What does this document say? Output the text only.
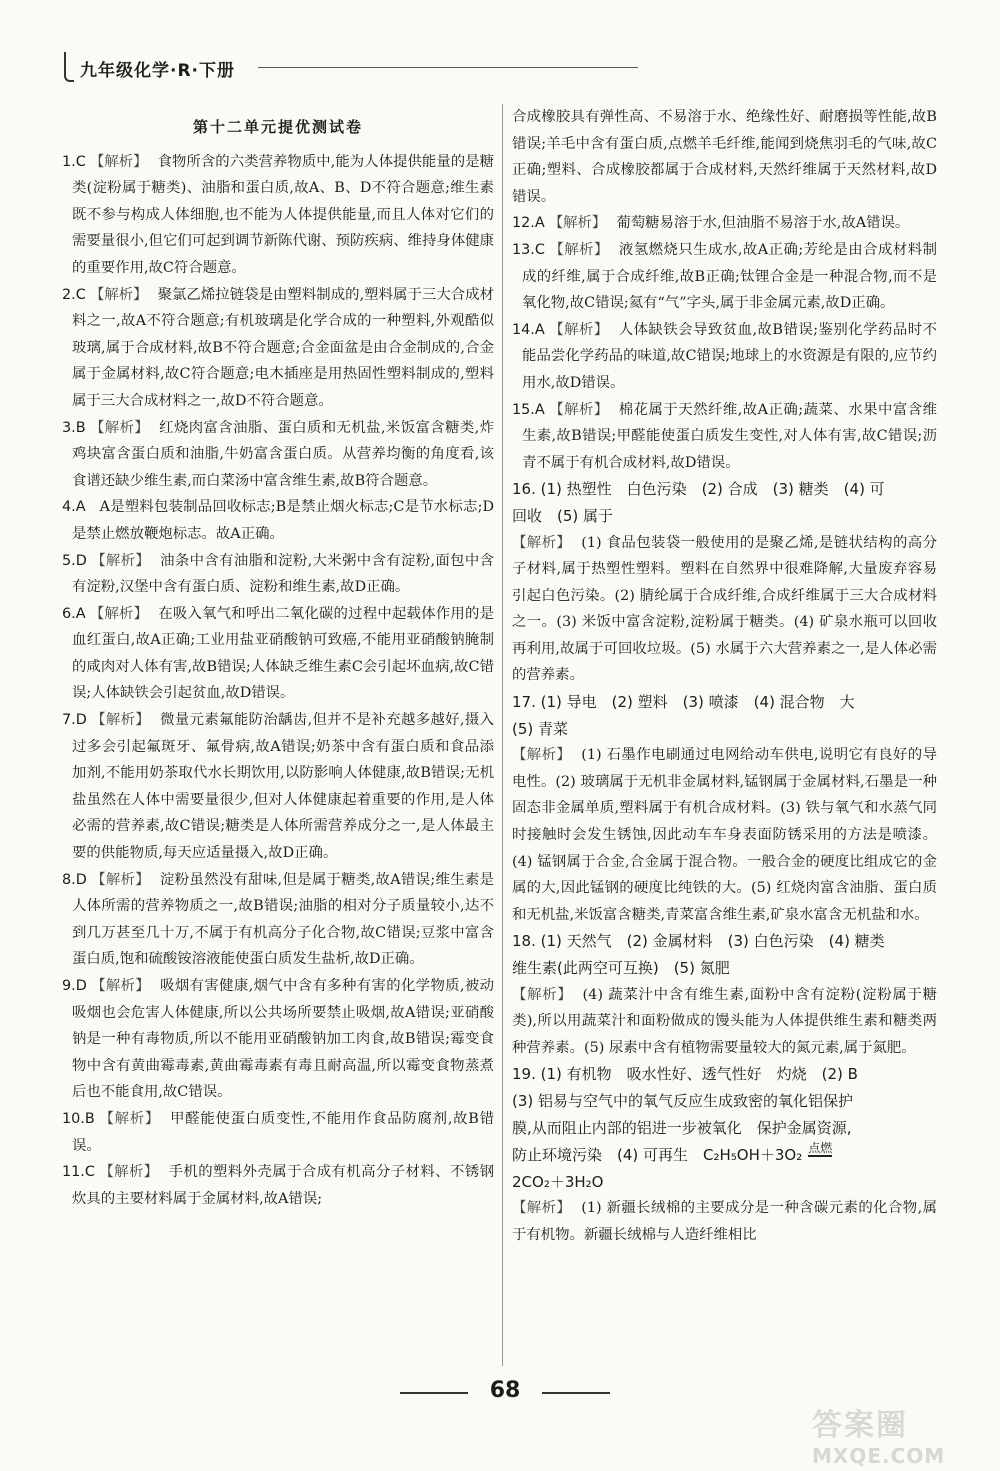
九年级化学·R·下册
第十二单元提优测试卷

1.C 【解析】 食物所含的六类营养物质中,能为人体提供能量的是糖类(淀粉属于糖类)、油脂和蛋白质,故A、B、D不符合题意;维生素既不参与构成人体细胞,也不能为人体提供能量,而且人体对它们的需要量很小,但它们可起到调节新陈代谢、预防疾病、维持身体健康的重要作用,故C符合题意。

2.C 【解析】 聚氯乙烯拉链袋是由塑料制成的,塑料属于三大合成材料之一,故A不符合题意;有机玻璃是化学合成的一种塑料,外观酷似玻璃,属于合成材料,故B不符合题意;合金面盆是由合金制成的,合金属于金属材料,故C符合题意;电木插座是用热固性塑料制成的,塑料属于三大合成材料之一,故D不符合题意。

3.B 【解析】 红烧肉富含油脂、蛋白质和无机盐,米饭富含糖类,炸鸡块富含蛋白质和油脂,牛奶富含蛋白质。从营养均衡的角度看,该食谱还缺少维生素,而白菜汤中富含维生素,故B符合题意。

4.A A是塑料包装制品回收标志;B是禁止烟火标志;C是节水标志;D是禁止燃放鞭炮标志。故A正确。

5.D 【解析】 油条中含有油脂和淀粉,大米粥中含有淀粉,面包中含有淀粉,汉堡中含有蛋白质、淀粉和维生素,故D正确。

6.A 【解析】 在吸入氧气和呼出二氧化碳的过程中起载体作用的是血红蛋白,故A正确;工业用盐亚硝酸钠可致癌,不能用亚硝酸钠腌制的咸肉对人体有害,故B错误;人体缺乏维生素C会引起坏血病,故C错误;人体缺铁会引起贫血,故D错误。

7.D 【解析】 微量元素氟能防治龋齿,但并不是补充越多越好,摄入过多会引起氟斑牙、氟骨病,故A错误;奶茶中含有蛋白质和食品添加剂,不能用奶茶取代水长期饮用,以防影响人体健康,故B错误;无机盐虽然在人体中需要量很少,但对人体健康起着重要的作用,是人体必需的营养素,故C错误;糖类是人体所需营养成分之一,是人体最主要的供能物质,每天应适量摄入,故D正确。

8.D 【解析】 淀粉虽然没有甜味,但是属于糖类,故A错误;维生素是人体所需的营养物质之一,故B错误;油脂的相对分子质量较小,达不到几万甚至几十万,不属于有机高分子化合物,故C错误;豆浆中富含蛋白质,饱和硫酸铵溶液能使蛋白质发生盐析,故D正确。

9.D 【解析】 吸烟有害健康,烟气中含有多种有害的化学物质,被动吸烟也会危害人体健康,所以公共场所要禁止吸烟,故A错误;亚硝酸钠是一种有毒物质,所以不能用亚硝酸钠加工肉食,故B错误;霉变食物中含有黄曲霉毒素,黄曲霉毒素有毒且耐高温,所以霉变食物蒸煮后也不能食用,故C错误。

10.B 【解析】 甲醛能使蛋白质变性,不能用作食品防腐剂,故B错误。

11.C 【解析】 手机的塑料外壳属于合成有机高分子材料、不锈钢炊具的主要材料属于金属材料,故A错误;

合成橡胶具有弹性高、不易溶于水、绝缘性好、耐磨损等性能,故B错误;羊毛中含有蛋白质,点燃羊毛纤维,能闻到烧焦羽毛的气味,故C正确;塑料、合成橡胶都属于合成材料,天然纤维属于天然材料,故D错误。

12.A 【解析】 葡萄糖易溶于水,但油脂不易溶于水,故A错误。

13.C 【解析】 液氢燃烧只生成水,故A正确;芳纶是由合成材料制成的纤维,属于合成纤维,故B正确;钛锂合金是一种混合物,而不是氧化物,故C错误;氦有“气”字头,属于非金属元素,故D正确。

14.A 【解析】 人体缺铁会导致贫血,故B错误;鉴别化学药品时不能品尝化学药品的味道,故C错误;地球上的水资源是有限的,应节约用水,故D错误。

15.A 【解析】 棉花属于天然纤维,故A正确;蔬菜、水果中富含维生素,故B错误;甲醛能使蛋白质发生变性,对人体有害,故C错误;沥青不属于有机合成材料,故D错误。

16. (1) 热塑性　白色污染　(2) 合成　(3) 糖类　(4) 可

回收　(5) 属于

【解析】 (1) 食品包装袋一般使用的是聚乙烯,是链状结构的高分子材料,属于热塑性塑料。塑料在自然界中很难降解,大量废弃容易引起白色污染。(2) 腈纶属于合成纤维,合成纤维属于三大合成材料之一。(3) 米饭中富含淀粉,淀粉属于糖类。(4) 矿泉水瓶可以回收再利用,故属于可回收垃圾。(5) 水属于六大营养素之一,是人体必需的营养素。

17. (1) 导电　(2) 塑料　(3) 喷漆　(4) 混合物　大

(5) 青菜

【解析】 (1) 石墨作电刷通过电网给动车供电,说明它有良好的导电性。(2) 玻璃属于无机非金属材料,锰钢属于金属材料,石墨是一种固态非金属单质,塑料属于有机合成材料。(3) 铁与氧气和水蒸气同时接触时会发生锈蚀,因此动车车身表面防锈采用的方法是喷漆。(4) 锰钢属于合金,合金属于混合物。一般合金的硬度比组成它的金属的大,因此锰钢的硬度比纯铁的大。(5) 红烧肉富含油脂、蛋白质和无机盐,米饭富含糖类,青菜富含维生素,矿泉水富含无机盐和水。

18. (1) 天然气　(2) 金属材料　(3) 白色污染　(4) 糖类

维生素(此两空可互换)　(5) 氮肥

【解析】 (4) 蔬菜汁中含有维生素,面粉中含有淀粉(淀粉属于糖类),所以用蔬菜汁和面粉做成的馒头能为人体提供维生素和糖类两种营养素。(5) 尿素中含有植物需要量较大的氮元素,属于氮肥。

19. (1) 有机物　吸水性好、透气性好　灼烧　(2) B

(3) 铝易与空气中的氧气反应生成致密的氧化铝保护

膜,从而阻止内部的铝进一步被氧化　保护金属资源,

防止环境污染　(4) 可再生　C₂H₅OH＋3O₂ 点燃

2CO₂＋3H₂O

【解析】 (1) 新疆长绒棉的主要成分是一种含碳元素的化合物,属于有机物。新疆长绒棉与人造纤维相比

68
答案圈
MXQE.COM
